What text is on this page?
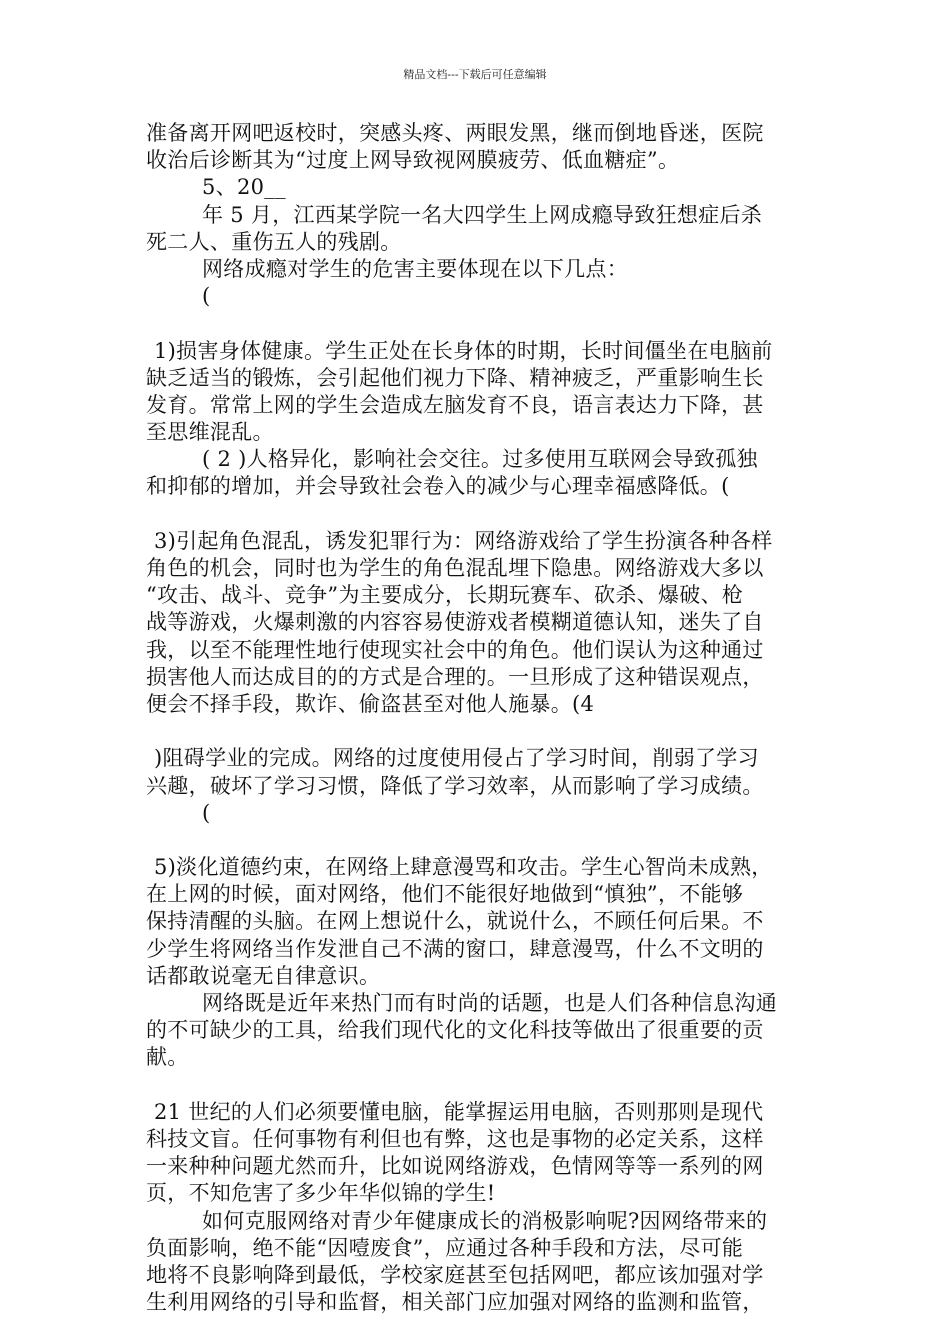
精品文档---下载后可任意编辑
准备离开网吧返校时，突感头疼、两眼发黑，继而倒地昏迷，医院
收治后诊断其为“过度上网导致视网膜疲劳、低血糖症”。
5、20__
年 5 月，江西某学院一名大四学生上网成瘾导致狂想症后杀
死二人、重伤五人的残剧。
网络成瘾对学生的危害主要体现在以下几点：
(
1)损害身体健康。学生正处在长身体的时期，长时间僵坐在电脑前
缺乏适当的锻炼，会引起他们视力下降、精神疲乏，严重影响生长
发育。常常上网的学生会造成左脑发育不良，语言表达力下降，甚
至思维混乱。
( 2 )人格异化，影响社会交往。过多使用互联网会导致孤独
和抑郁的增加，并会导致社会卷入的减少与心理幸福感降低。(
3)引起角色混乱，诱发犯罪行为：网络游戏给了学生扮演各种各样
角色的机会，同时也为学生的角色混乱埋下隐患。网络游戏大多以
“攻击、战斗、竞争”为主要成分，长期玩赛车、砍杀、爆破、枪
战等游戏，火爆刺激的内容容易使游戏者模糊道德认知，迷失了自
我，以至不能理性地行使现实社会中的角色。他们误认为这种通过
损害他人而达成目的的方式是合理的。一旦形成了这种错误观点，
便会不择手段，欺诈、偷盗甚至对他人施暴。(4
)阻碍学业的完成。网络的过度使用侵占了学习时间，削弱了学习
兴趣，破坏了学习习惯，降低了学习效率，从而影响了学习成绩。
(
5)淡化道德约束，在网络上肆意漫骂和攻击。学生心智尚未成熟，
在上网的时候，面对网络，他们不能很好地做到“慎独”，不能够
保持清醒的头脑。在网上想说什么，就说什么，不顾任何后果。不
少学生将网络当作发泄自己不满的窗口，肆意漫骂，什么不文明的
话都敢说毫无自律意识。
网络既是近年来热门而有时尚的话题，也是人们各种信息沟通
的不可缺少的工具，给我们现代化的文化科技等做出了很重要的贡
献。
21 世纪的人们必须要懂电脑，能掌握运用电脑，否则那则是现代
科技文盲。任何事物有利但也有弊，这也是事物的必定关系，这样
一来种种问题尤然而升，比如说网络游戏，色情网等等一系列的网
页，不知危害了多少年华似锦的学生!
如何克服网络对青少年健康成长的消极影响呢?因网络带来的
负面影响，绝不能“因噎废食”，应通过各种手段和方法，尽可能
地将不良影响降到最低，学校家庭甚至包括网吧，都应该加强对学
生利用网络的引导和监督，相关部门应加强对网络的监测和监管，
